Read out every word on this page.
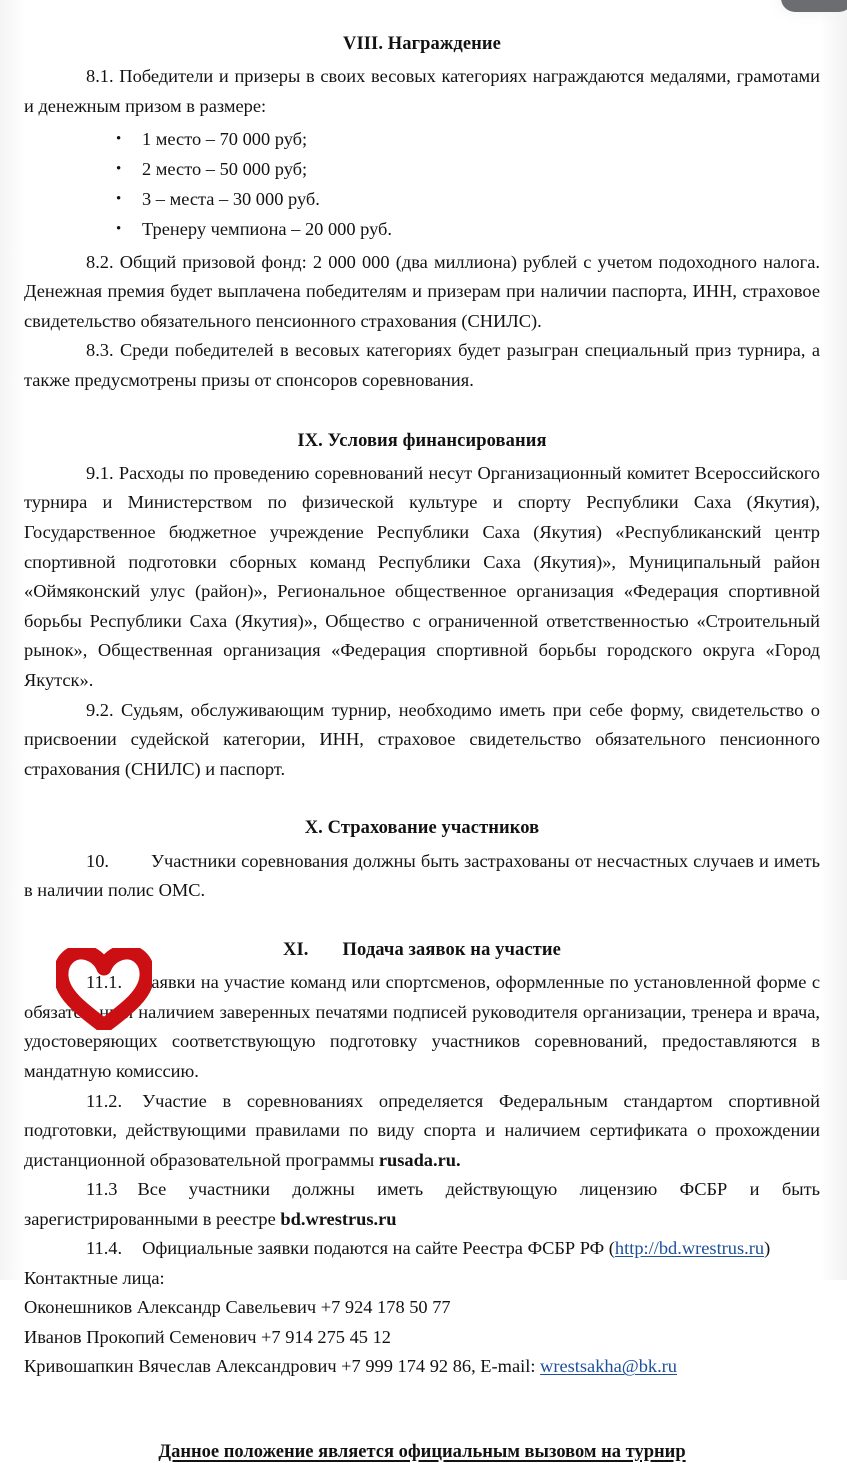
VIII. Награждение

8.1. Победители и призеры в своих весовых категориях награждаются медалями, грамотами и денежным призом в размере:

• 1 место – 70 000 руб;
• 2 место – 50 000 руб;
• 3 – места – 30 000 руб.
• Тренеру чемпиона – 20 000 руб.

8.2. Общий призовой фонд: 2 000 000 (два миллиона) рублей с учетом подоходного налога. Денежная премия будет выплачена победителям и призерам при наличии паспорта, ИНН, страховое свидетельство обязательного пенсионного страхования (СНИЛС).

8.3. Среди победителей в весовых категориях будет разыгран специальный приз турнира, а также предусмотрены призы от спонсоров соревнования.

IX. Условия финансирования

9.1. Расходы по проведению соревнований несут Организационный комитет Всероссийского турнира и Министерством по физической культуре и спорту Республики Саха (Якутия), Государственное бюджетное учреждение Республики Саха (Якутия) «Республиканский центр спортивной подготовки сборных команд Республики Саха (Якутия)», Муниципальный район «Оймяконский улус (район)», Региональное общественное организация «Федерация спортивной борьбы Республики Саха (Якутия)», Общество с ограниченной ответственностью «Строительный рынок», Общественная организация «Федерация спортивной борьбы городского округа «Город Якутск».

9.2. Судьям, обслуживающим турнир, необходимо иметь при себе форму, свидетельство о присвоении судейской категории, ИНН, страховое свидетельство обязательного пенсионного страхования (СНИЛС) и паспорт.

X. Страхование участников

10. Участники соревнования должны быть застрахованы от несчастных случаев и иметь в наличии полис ОМС.

XI. Подача заявок на участие

11.1. Заявки на участие команд или спортсменов, оформленные по установленной форме с обязательным наличием заверенных печатями подписей руководителя организации, тренера и врача, удостоверяющих соответствующую подготовку участников соревнований, предоставляются в мандатную комиссию.

11.2. Участие в соревнованиях определяется Федеральным стандартом спортивной подготовки, действующими правилами по виду спорта и наличием сертификата о прохождении дистанционной образовательной программы rusada.ru.

11.3 Все участники должны иметь действующую лицензию ФСБР и быть зарегистрированными в реестре bd.wrestrus.ru

11.4. Официальные заявки подаются на сайте Реестра ФСБР РФ (http://bd.wrestrus.ru)

Контактные лица:

Оконешников Александр Савельевич +7 924 178 50 77

Иванов Прокопий Семенович +7 914 275 45 12

Кривошапкин Вячеслав Александрович +7 999 174 92 86, E-mail: wrestsakha@bk.ru

Данное положение является официальным вызовом на турнир
